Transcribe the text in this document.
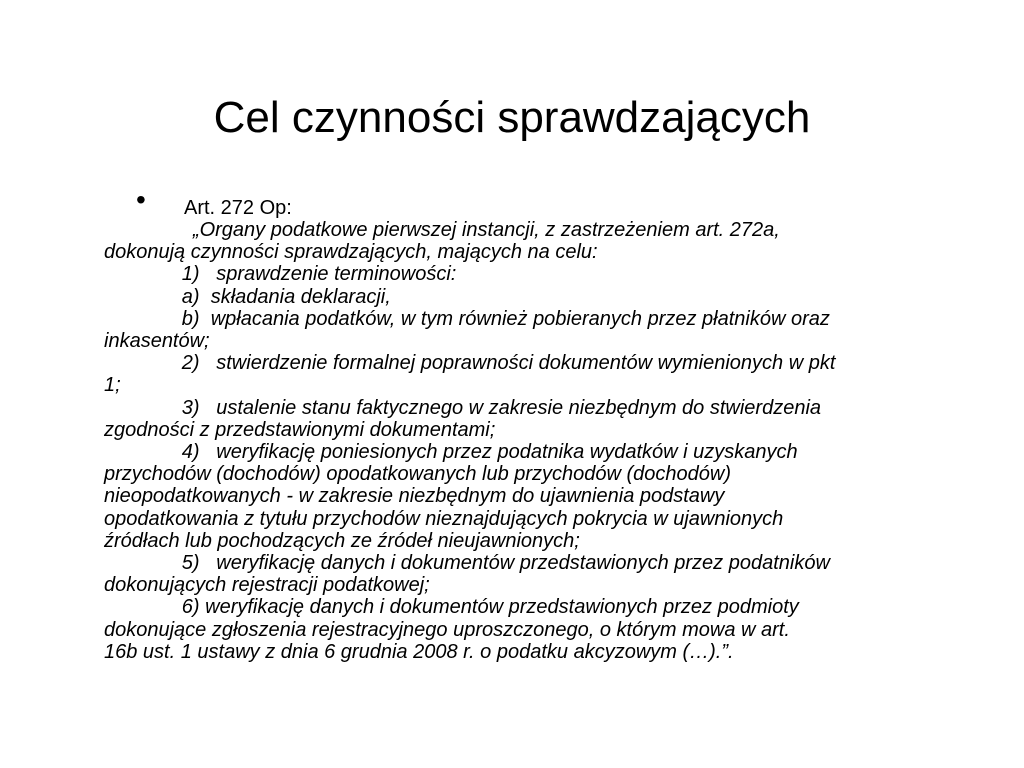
Cel czynności sprawdzających
• Art. 272 Op:
„Organy podatkowe pierwszej instancji, z zastrzeżeniem art. 272a,
dokonują czynności sprawdzających, mających na celu:
1)   sprawdzenie terminowości:
a)  składania deklaracji,
b)  wpłacania podatków, w tym również pobieranych przez płatników oraz
inkasentów;
2)   stwierdzenie formalnej poprawności dokumentów wymienionych w pkt
1;
3)   ustalenie stanu faktycznego w zakresie niezbędnym do stwierdzenia
zgodności z przedstawionymi dokumentami;
4)   weryfikację poniesionych przez podatnika wydatków i uzyskanych
przychodów (dochodów) opodatkowanych lub przychodów (dochodów)
nieopodatkowanych - w zakresie niezbędnym do ujawnienia podstawy
opodatkowania z tytułu przychodów nieznajdujących pokrycia w ujawnionych
źródłach lub pochodzących ze źródeł nieujawnionych;
5)   weryfikację danych i dokumentów przedstawionych przez podatników
dokonujących rejestracji podatkowej;
6) weryfikację danych i dokumentów przedstawionych przez podmioty
dokonujące zgłoszenia rejestracyjnego uproszczonego, o którym mowa w art.
16b ust. 1 ustawy z dnia 6 grudnia 2008 r. o podatku akcyzowym (…).”.
